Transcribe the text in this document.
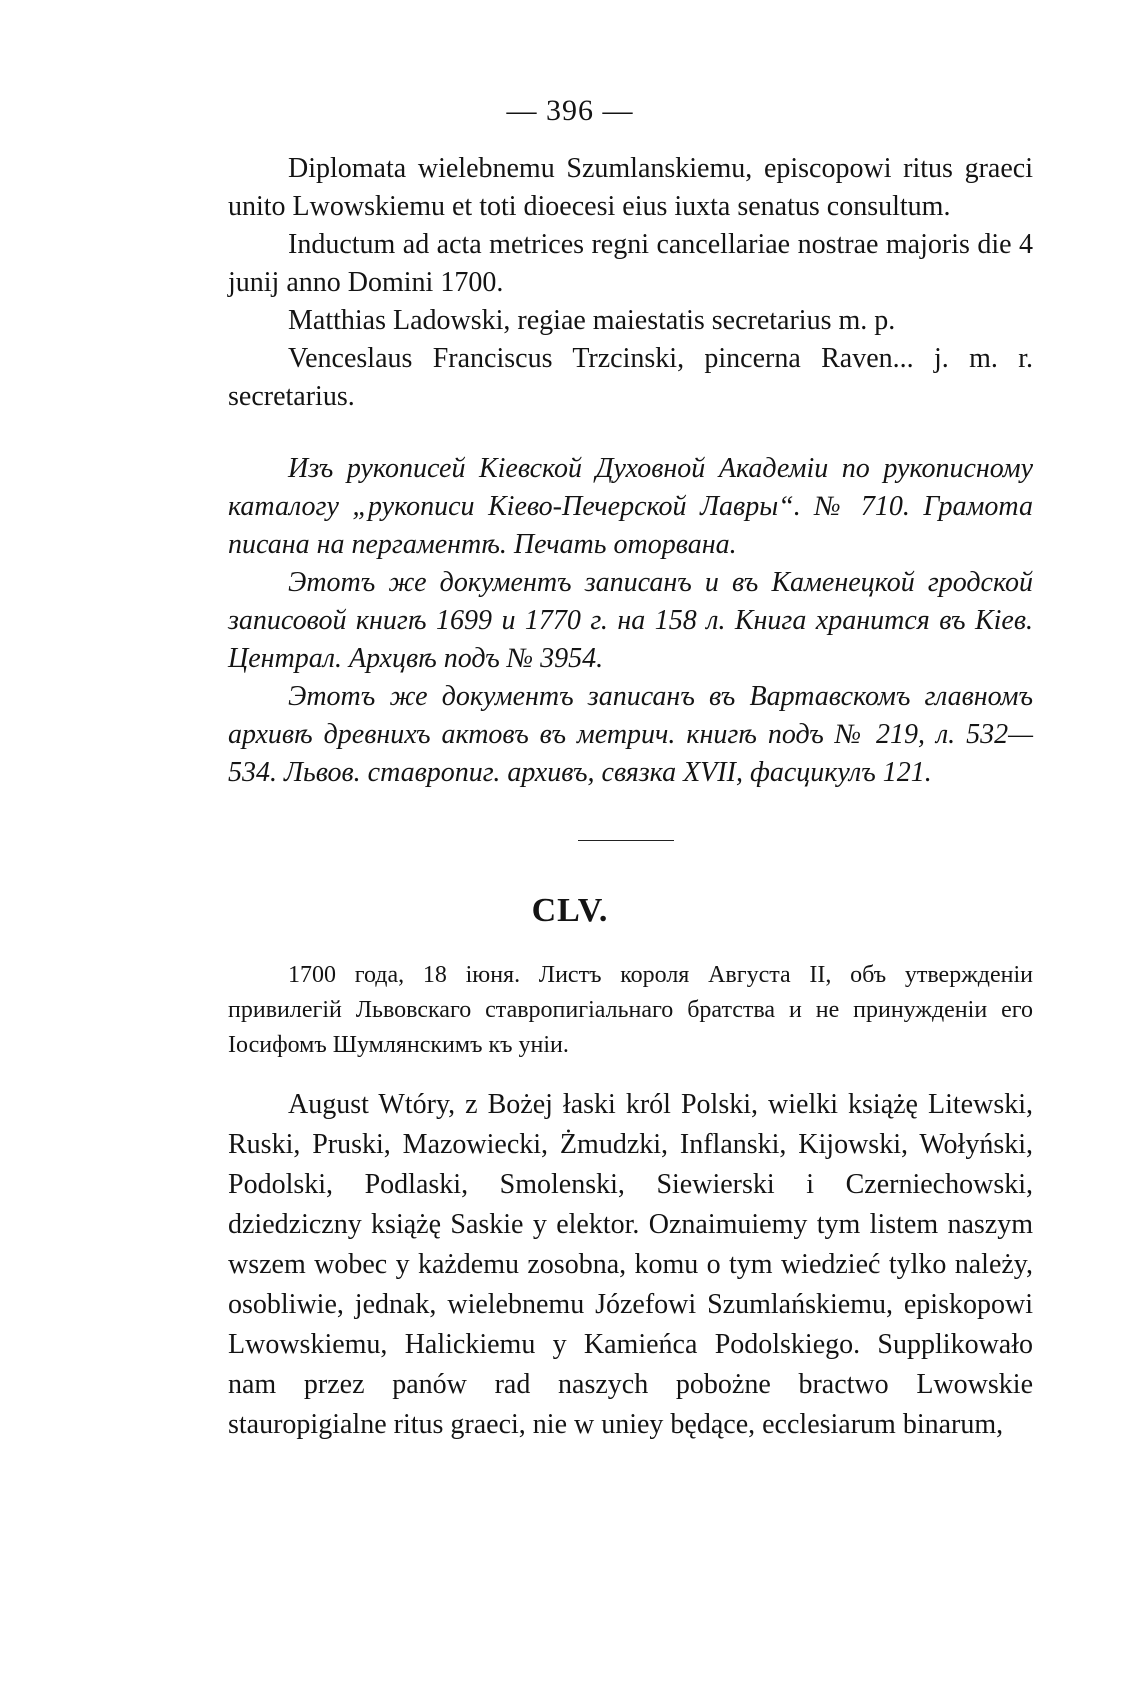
— 396 —

Diplomata wielebnemu Szumlanskiemu, episcopowi ritus graeci unito Lwowskiemu et toti dioecesi eius iuxta senatus consultum.

Inductum ad acta metrices regni cancellariae nostrae majoris die 4 junij anno Domini 1700.

Matthias Ladowski, regiae maiestatis secretarius m. p.

Venceslaus Franciscus Trzcinski, pincerna Raven... j. m. r. secretarius.

Изъ рукописей Кіевской Духовной Академіи по рукописному каталогу „рукописи Кіево-Печерской Лавры“. № 710. Грамота писана на пергаментѣ. Печать оторвана.

Этотъ же документъ записанъ и въ Каменецкой гродской записовой книгѣ 1699 и 1770 г. на 158 л. Книга хранится въ Кіев. Централ. Архцвѣ подъ № 3954.

Этотъ же документъ записанъ въ Вартавскомъ главномъ архивѣ древнихъ актовъ въ метрич. книгѣ подъ № 219, л. 532—534. Львов. ставропиг. архивъ, связка XVII, фасцикулъ 121.

CLV.

1700 года, 18 іюня. Листъ короля Августа II, объ утвержденіи привилегій Львовскаго ставропигіальнаго братства и не принужденіи его Іосифомъ Шумлянскимъ къ уніи.

August Wtóry, z Bożej łaski król Polski, wielki książę Litewski, Ruski, Pruski, Mazowiecki, Żmudzki, Inflanski, Kijowski, Wołyński, Podolski, Podlaski, Smolenski, Siewierski i Czerniechowski, dziedziczny książę Saskie y elektor. Oznaimuiemy tym listem naszym wszem wobec y każdemu zosobna, komu o tym wiedzieć tylko należy, osobliwie, jednak, wielebnemu Józefowi Szumlańskiemu, episkopowi Lwowskiemu, Halickiemu y Kamieńca Podolskiego. Supplikowało nam przez panów rad naszych pobożne bractwo Lwowskie stauropigialne ritus graeci, nie w uniey będące, ecclesiarum binarum,
